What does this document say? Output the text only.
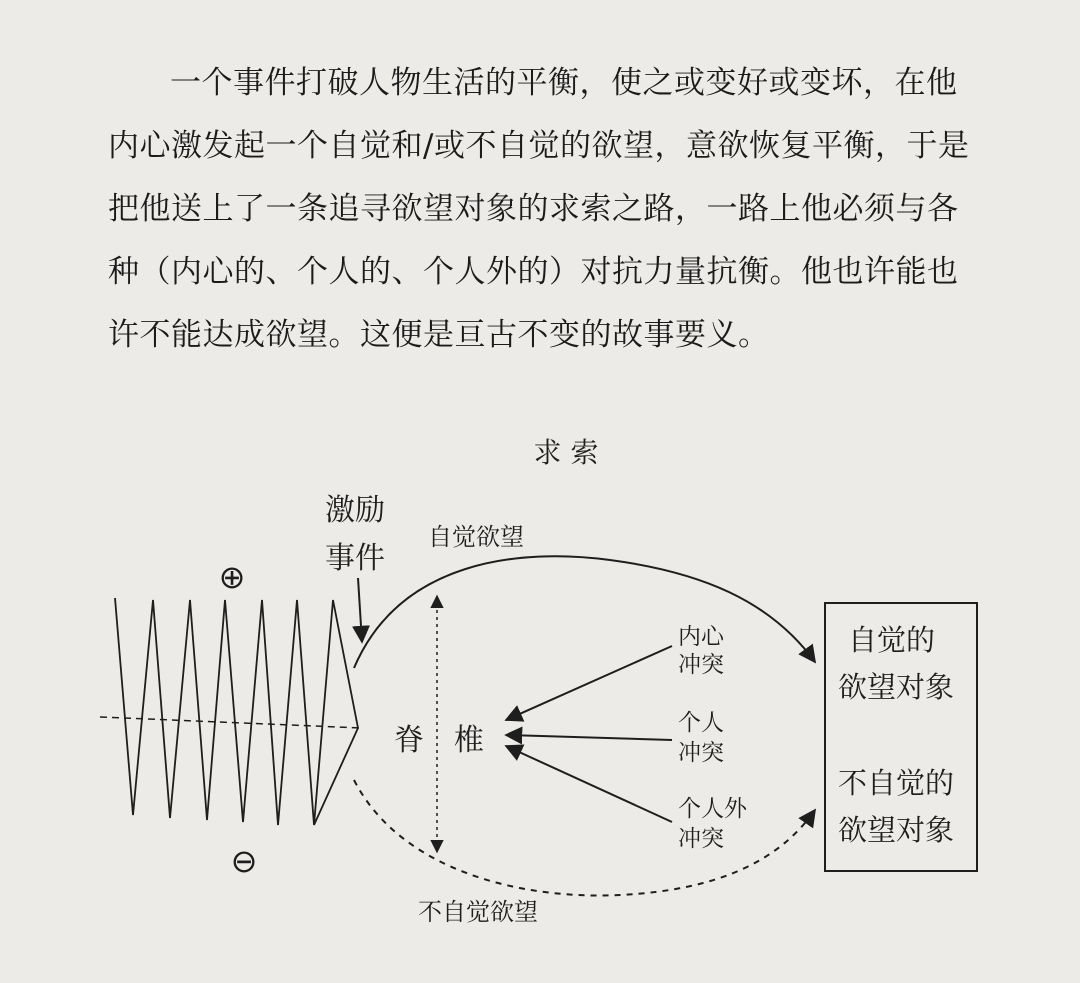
一个事件打破人物生活的平衡，使之或变好或变坏，在他
内心激发起一个自觉和/或不自觉的欲望，意欲恢复平衡，于是
把他送上了一条追寻欲望对象的求索之路，一路上他必须与各
种（内心的、个人的、个人外的）对抗力量抗衡。他也许能也
许不能达成欲望。这便是亘古不变的故事要义。
求 索
激励
事件
⊕
⊖
自觉欲望
不自觉欲望
脊　椎
内心
冲突
个人
冲突
个人外
冲突
自觉的
欲望对象
不自觉的
欲望对象
